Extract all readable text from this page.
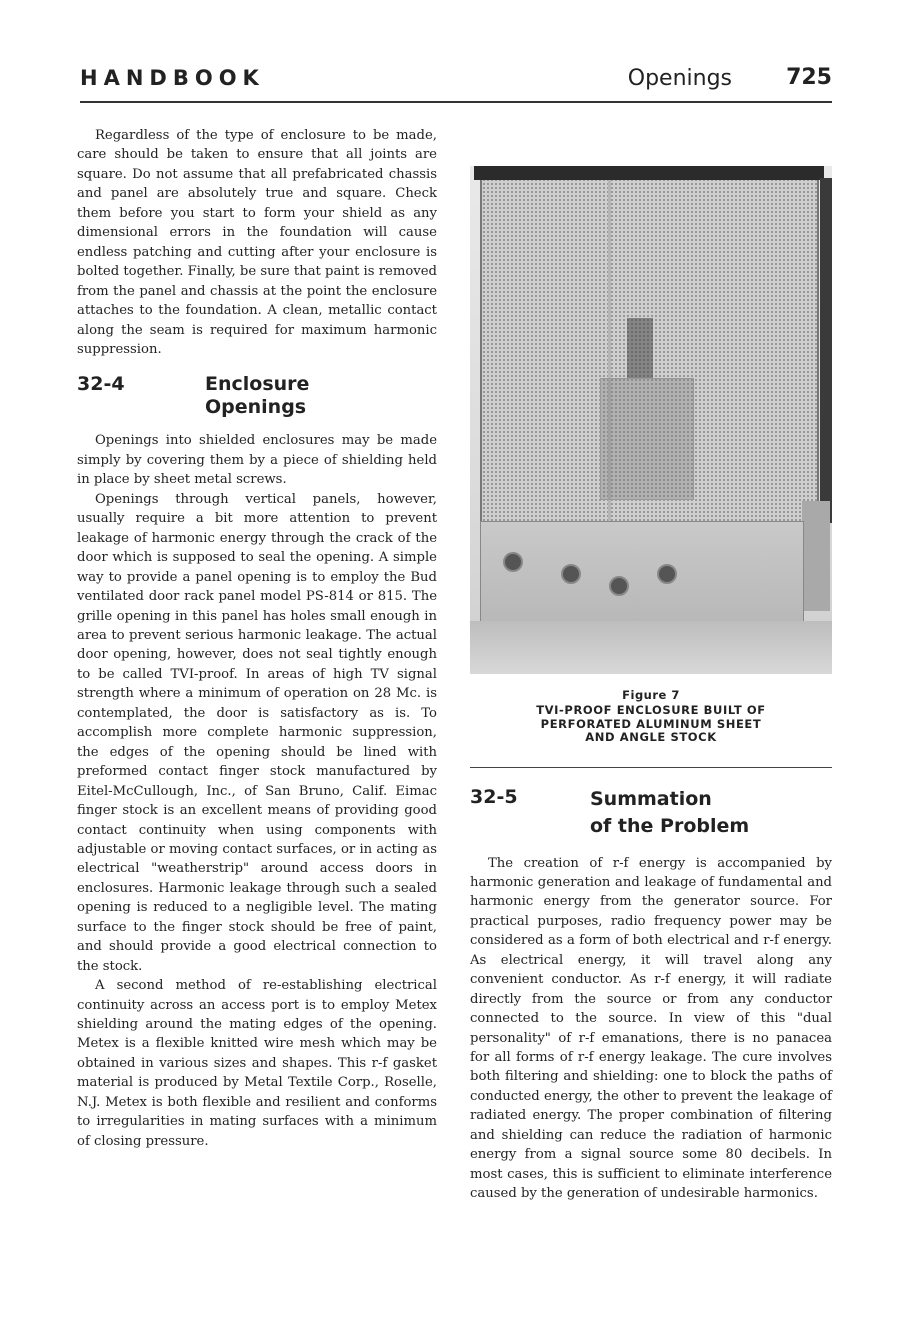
HANDBOOK	Openings 725

Regardless of the type of enclosure to be made, care should be taken to ensure that all joints are square. Do not assume that all prefabricated chassis and panel are absolutely true and square. Check them before you start to form your shield as any dimensional errors in the foundation will cause endless patching and cutting after your enclosure is bolted together. Finally, be sure that paint is removed from the panel and chassis at the point the enclosure attaches to the foundation. A clean, metallic contact along the seam is required for maximum harmonic suppression.

32-4	Enclosure
Openings

Openings into shielded enclosures may be made simply by covering them by a piece of shielding held in place by sheet metal screws.

Openings through vertical panels, however, usually require a bit more attention to prevent leakage of harmonic energy through the crack of the door which is supposed to seal the opening. A simple way to provide a panel opening is to employ the Bud ventilated door rack panel model PS-814 or 815. The grille opening in this panel has holes small enough in area to prevent serious harmonic leakage. The actual door opening, however, does not seal tightly enough to be called TVI-proof. In areas of high TV signal strength where a minimum of operation on 28 Mc. is contemplated, the door is satisfactory as is. To accomplish more complete harmonic suppression, the edges of the opening should be lined with preformed contact finger stock manufactured by Eitel-McCullough, Inc., of San Bruno, Calif. Eimac finger stock is an excellent means of providing good contact continuity when using components with adjustable or moving contact surfaces, or in acting as electrical "weatherstrip" around access doors in enclosures. Harmonic leakage through such a sealed opening is reduced to a negligible level. The mating surface to the finger stock should be free of paint, and should provide a good electrical connection to the stock.

A second method of re-establishing electrical continuity across an access port is to employ Metex shielding around the mating edges of the opening. Metex is a flexible knitted wire mesh which may be obtained in various sizes and shapes. This r-f gasket material is produced by Metal Textile Corp., Roselle, N.J. Metex is both flexible and resilient and conforms to irregularities in mating surfaces with a minimum of closing pressure.

Figure 7
TVI-PROOF ENCLOSURE BUILT OF
PERFORATED ALUMINUM SHEET
AND ANGLE STOCK
32-5	Summation
of the Problem

The creation of r-f energy is accompanied by harmonic generation and leakage of fundamental and harmonic energy from the generator source. For practical purposes, radio frequency power may be considered as a form of both electrical and r-f energy. As electrical energy, it will travel along any convenient conductor. As r-f energy, it will radiate directly from the source or from any conductor connected to the source. In view of this "dual personality" of r-f emanations, there is no panacea for all forms of r-f energy leakage. The cure involves both filtering and shielding: one to block the paths of conducted energy, the other to prevent the leakage of radiated energy. The proper combination of filtering and shielding can reduce the radiation of harmonic energy from a signal source some 80 decibels. In most cases, this is sufficient to eliminate interference caused by the generation of undesirable harmonics.
